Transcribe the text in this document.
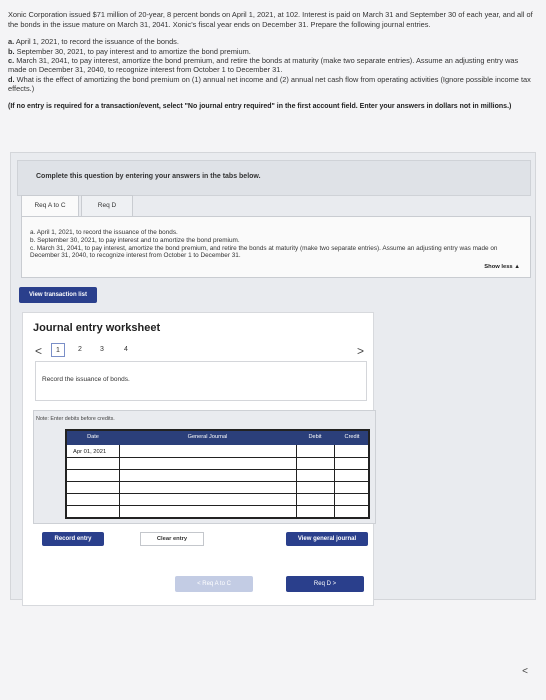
Xonic Corporation issued $71 million of 20-year, 8 percent bonds on April 1, 2021, at 102. Interest is paid on March 31 and September 30 of each year, and all of the bonds in the issue mature on March 31, 2041. Xonic's fiscal year ends on December 31. Prepare the following journal entries.

a. April 1, 2021, to record the issuance of the bonds.
b. September 30, 2021, to pay interest and to amortize the bond premium.
c. March 31, 2041, to pay interest, amortize the bond premium, and retire the bonds at maturity (make two separate entries). Assume an adjusting entry was made on December 31, 2040, to recognize interest from October 1 to December 31.
d. What is the effect of amortizing the bond premium on (1) annual net income and (2) annual net cash flow from operating activities (Ignore possible income tax effects.)
(If no entry is required for a transaction/event, select "No journal entry required" in the first account field. Enter your answers in dollars not in millions.)
Complete this question by entering your answers in the tabs below.
Req A to C	Req D
a. April 1, 2021, to record the issuance of the bonds.
b. September 30, 2021, to pay interest and to amortize the bond premium.
c. March 31, 2041, to pay interest, amortize the bond premium, and retire the bonds at maturity (make two separate entries). Assume an adjusting entry was made on December 31, 2040, to recognize interest from October 1 to December 31.
Show less ▲
View transaction list
Journal entry worksheet
<	1	2	3	4	>
Record the issuance of bonds.
Note: Enter debits before credits.
Date	General Journal	Debit	Credit
Apr 01, 2021
Record entry	Clear entry	View general journal
< Req A to C	Req D >
<
